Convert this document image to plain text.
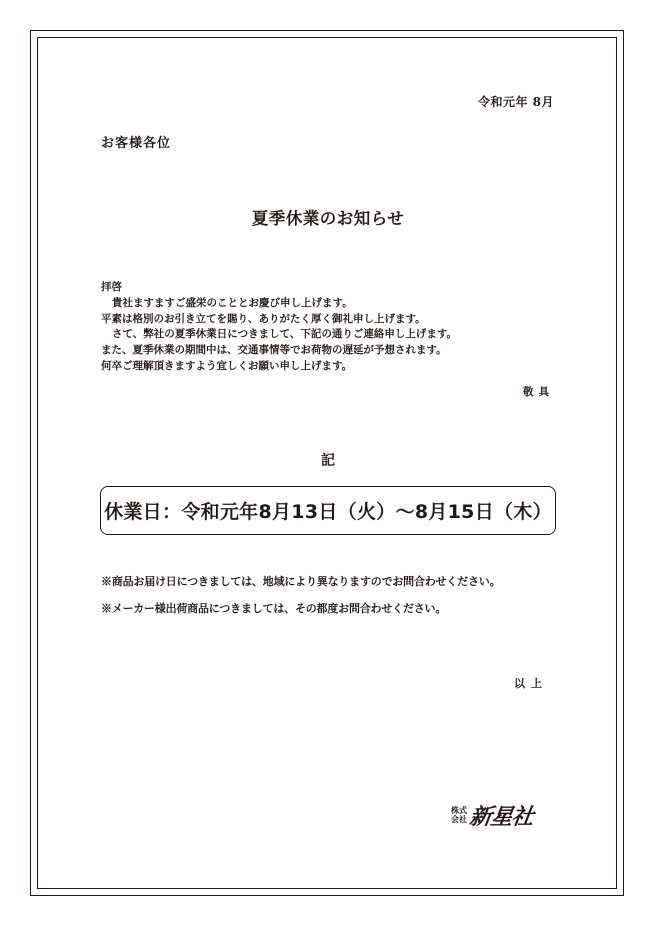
令和元年 8月
お客様各位
夏季休業のお知らせ
拝啓
貴社ますますご盛栄のこととお慶び申し上げます。
平素は格別のお引き立てを賜り、ありがたく厚く御礼申し上げます。
さて、弊社の夏季休業日につきまして、下記の通りご連絡申し上げます。
また、夏季休業の期間中は、交通事情等でお荷物の遅延が予想されます。
何卒ご理解頂きますよう宜しくお願い申し上げます。
敬具
記
休業日：令和元年8月13日（火）～8月15日（木）
※商品お届け日につきましては、地域により異なりますのでお問合わせください。
※メーカー様出荷商品につきましては、その都度お問合わせください。
以上
株式
会社 新星社
